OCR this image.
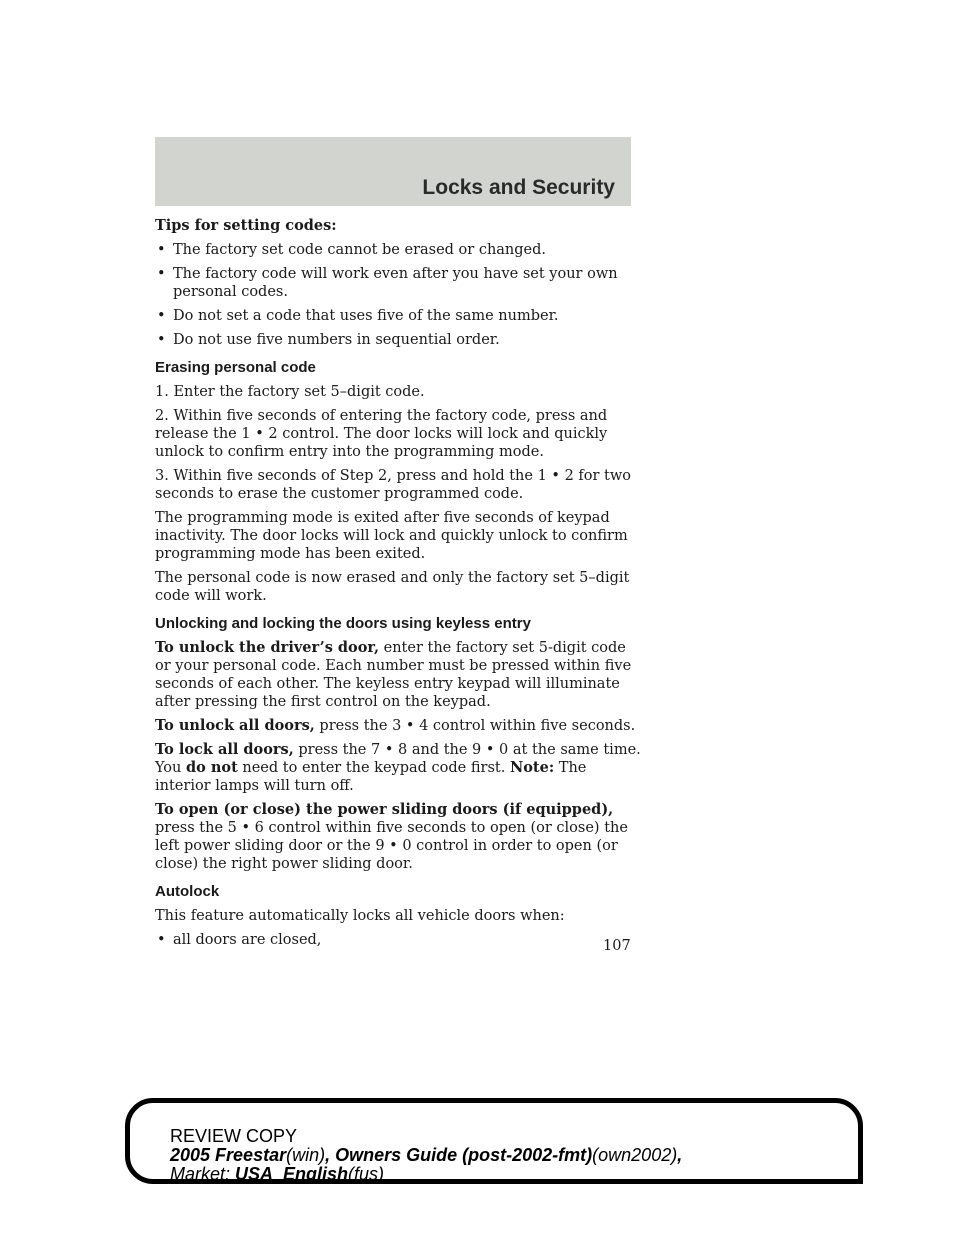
Locks and Security

Tips for setting codes:

• The factory set code cannot be erased or changed.

• The factory code will work even after you have set your own personal codes.

• Do not set a code that uses five of the same number.

• Do not use five numbers in sequential order.

Erasing personal code

1. Enter the factory set 5–digit code.

2. Within five seconds of entering the factory code, press and release the 1 • 2 control. The door locks will lock and quickly unlock to confirm entry into the programming mode.

3. Within five seconds of Step 2, press and hold the 1 • 2 for two seconds to erase the customer programmed code.

The programming mode is exited after five seconds of keypad inactivity. The door locks will lock and quickly unlock to confirm programming mode has been exited.

The personal code is now erased and only the factory set 5–digit code will work.

Unlocking and locking the doors using keyless entry

To unlock the driver’s door, enter the factory set 5-digit code or your personal code. Each number must be pressed within five seconds of each other. The keyless entry keypad will illuminate after pressing the first control on the keypad.

To unlock all doors, press the 3 • 4 control within five seconds.

To lock all doors, press the 7 • 8 and the 9 • 0 at the same time. You do not need to enter the keypad code first. Note: The interior lamps will turn off.

To open (or close) the power sliding doors (if equipped), press the 5 • 6 control within five seconds to open (or close) the left power sliding door or the 9 • 0 control in order to open (or close) the right power sliding door.

Autolock

This feature automatically locks all vehicle doors when:

• all doors are closed,	107
REVIEW COPY
2005 Freestar(win), Owners Guide (post-2002-fmt)(own2002),
Market: USA_English(fus)
